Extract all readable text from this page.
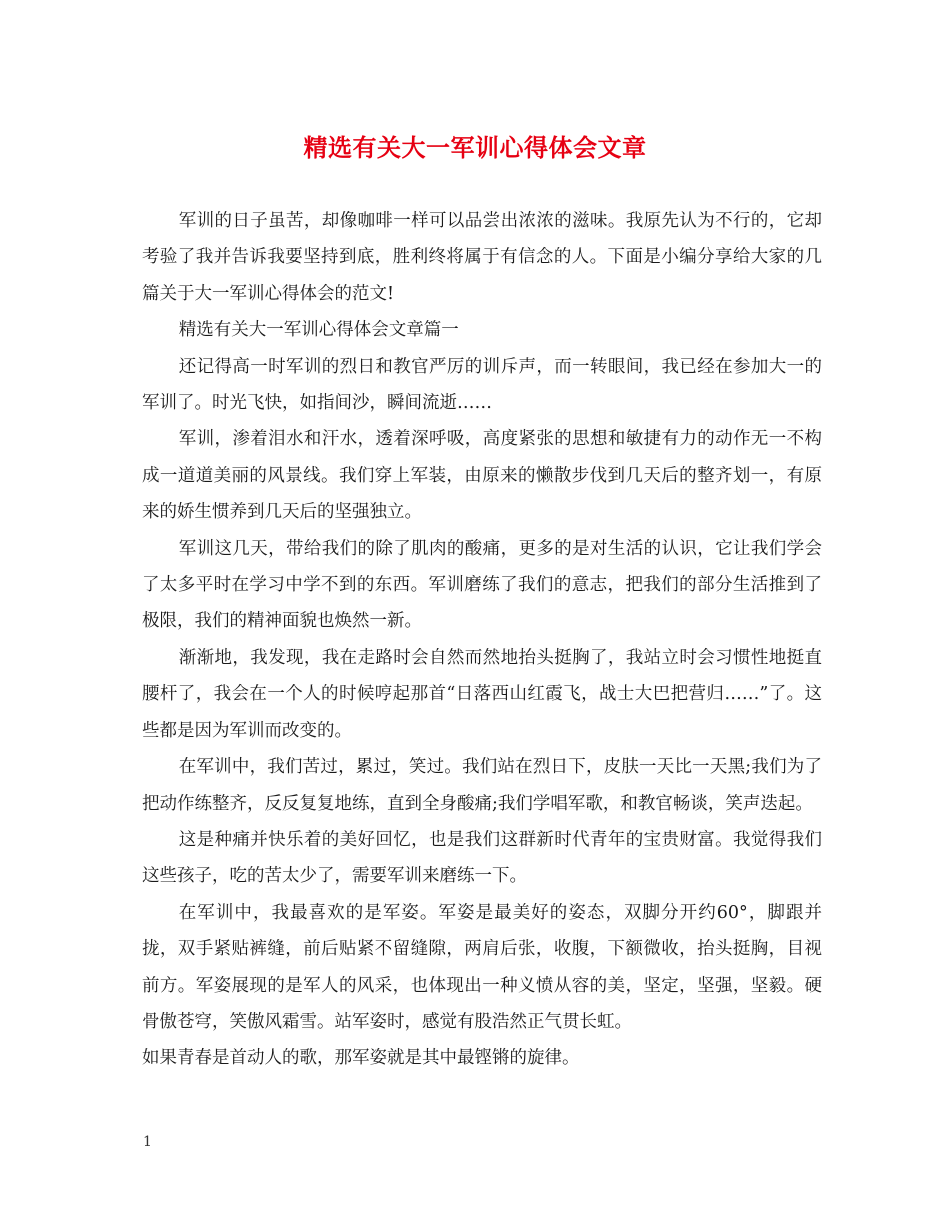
精选有关大一军训心得体会文章

军训的日子虽苦，却像咖啡一样可以品尝出浓浓的滋味。我原先认为不行的，它却考验了我并告诉我要坚持到底，胜利终将属于有信念的人。下面是小编分享给大家的几篇关于大一军训心得体会的范文!

精选有关大一军训心得体会文章篇一

还记得高一时军训的烈日和教官严厉的训斥声，而一转眼间，我已经在参加大一的军训了。时光飞快，如指间沙，瞬间流逝……

军训，渗着泪水和汗水，透着深呼吸，高度紧张的思想和敏捷有力的动作无一不构成一道道美丽的风景线。我们穿上军装，由原来的懒散步伐到几天后的整齐划一，有原来的娇生惯养到几天后的坚强独立。

军训这几天，带给我们的除了肌肉的酸痛，更多的是对生活的认识，它让我们学会了太多平时在学习中学不到的东西。军训磨练了我们的意志，把我们的部分生活推到了极限，我们的精神面貌也焕然一新。

渐渐地，我发现，我在走路时会自然而然地抬头挺胸了，我站立时会习惯性地挺直腰杆了，我会在一个人的时候哼起那首“日落西山红霞飞，战士大巴把营归……”了。这些都是因为军训而改变的。

在军训中，我们苦过，累过，笑过。我们站在烈日下，皮肤一天比一天黑;我们为了把动作练整齐，反反复复地练，直到全身酸痛;我们学唱军歌，和教官畅谈，笑声迭起。

这是种痛并快乐着的美好回忆，也是我们这群新时代青年的宝贵财富。我觉得我们这些孩子，吃的苦太少了，需要军训来磨练一下。

在军训中，我最喜欢的是军姿。军姿是最美好的姿态，双脚分开约60°，脚跟并拢，双手紧贴裤缝，前后贴紧不留缝隙，两肩后张，收腹，下额微收，抬头挺胸，目视前方。军姿展现的是军人的风采，也体现出一种义愤从容的美，坚定，坚强，坚毅。硬骨傲苍穹，笑傲风霜雪。站军姿时，感觉有股浩然正气贯长虹。

如果青春是首动人的歌，那军姿就是其中最铿锵的旋律。

1
